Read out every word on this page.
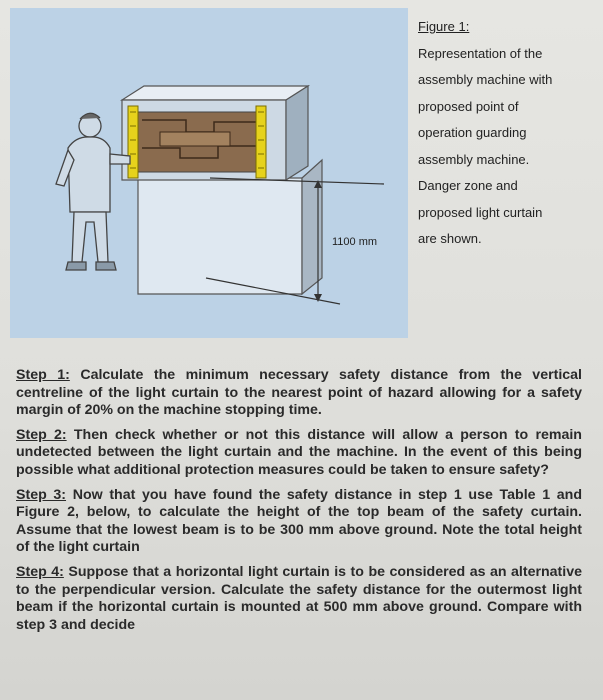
1100 mm
Figure 1:
Representation of the
assembly machine with
proposed point of
operation guarding
assembly machine.
Danger zone and
proposed light curtain
are shown.

Step 1: Calculate the minimum necessary safety distance from the vertical centreline of the light curtain to the nearest point of hazard allowing for a safety margin of 20% on the machine stopping time.

Step 2: Then check whether or not this distance will allow a person to remain undetected between the light curtain and the machine. In the event of this being possible what additional protection measures could be taken to ensure safety?

Step 3: Now that you have found the safety distance in step 1 use Table 1 and Figure 2, below, to calculate the height of the top beam of the safety curtain. Assume that the lowest beam is to be 300 mm above ground. Note the total height of the light curtain

Step 4: Suppose that a horizontal light curtain is to be considered as an alternative to the perpendicular version. Calculate the safety distance for the outermost light beam if the horizontal curtain is mounted at 500 mm above ground. Compare with step 3 and decide
